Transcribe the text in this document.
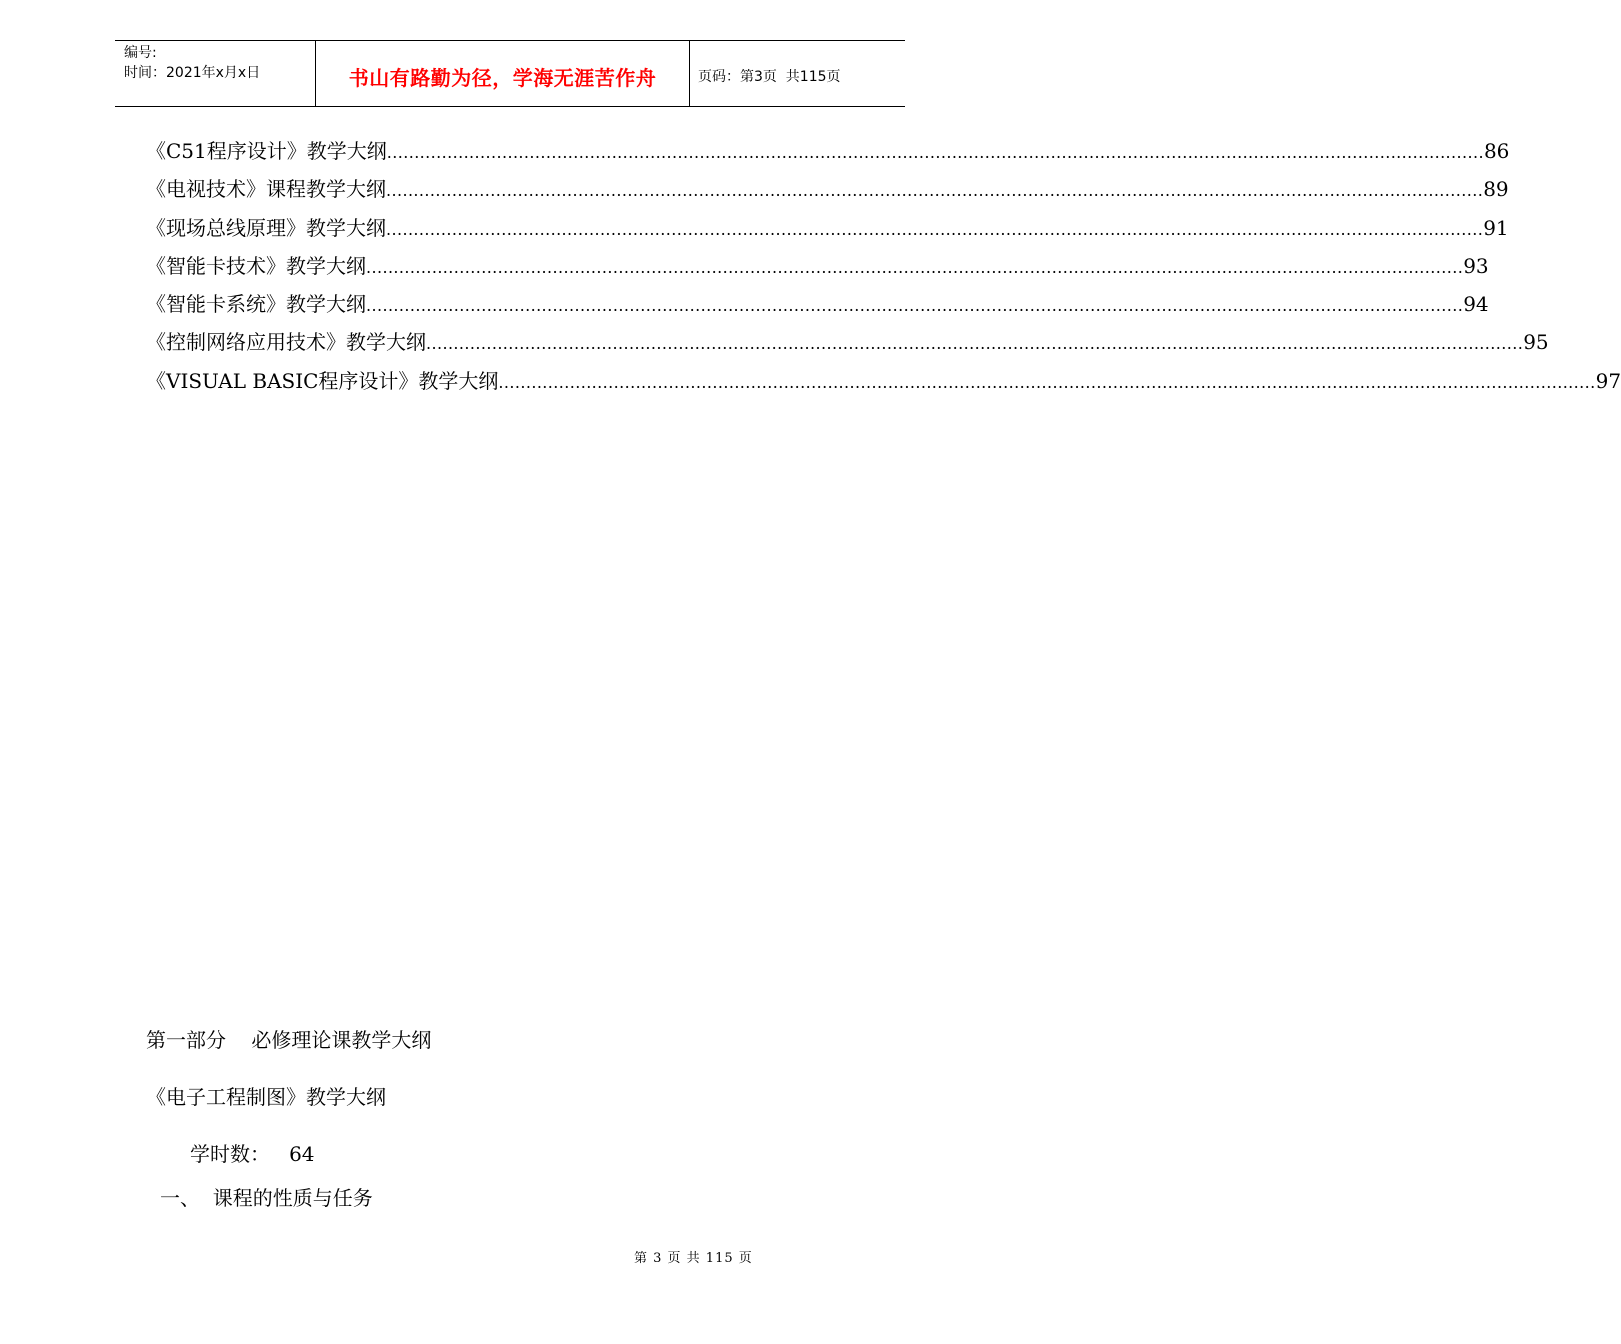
编号:
时间：2021年x月x日	书山有路勤为径，学海无涯苦作舟	页码：第3页  共115页
《C51程序设计》教学大纲 ........................................................................................................................................................................................................ 86
《电视技术》课程教学大纲 ........................................................................................................................................................................................................ 89
《现场总线原理》教学大纲 ........................................................................................................................................................................................................ 91
《智能卡技术》教学大纲 ........................................................................................................................................................................................................ 93
《智能卡系统》教学大纲 ........................................................................................................................................................................................................ 94
《控制网络应用技术》教学大纲 ........................................................................................................................................................................................................ 95
《VISUAL BASIC程序设计》教学大纲 ........................................................................................................................................................................................................ 97
第一部分    必修理论课教学大纲
《电子工程制图》教学大纲
学时数：   64
一、  课程的性质与任务
第 3 页 共 115 页
